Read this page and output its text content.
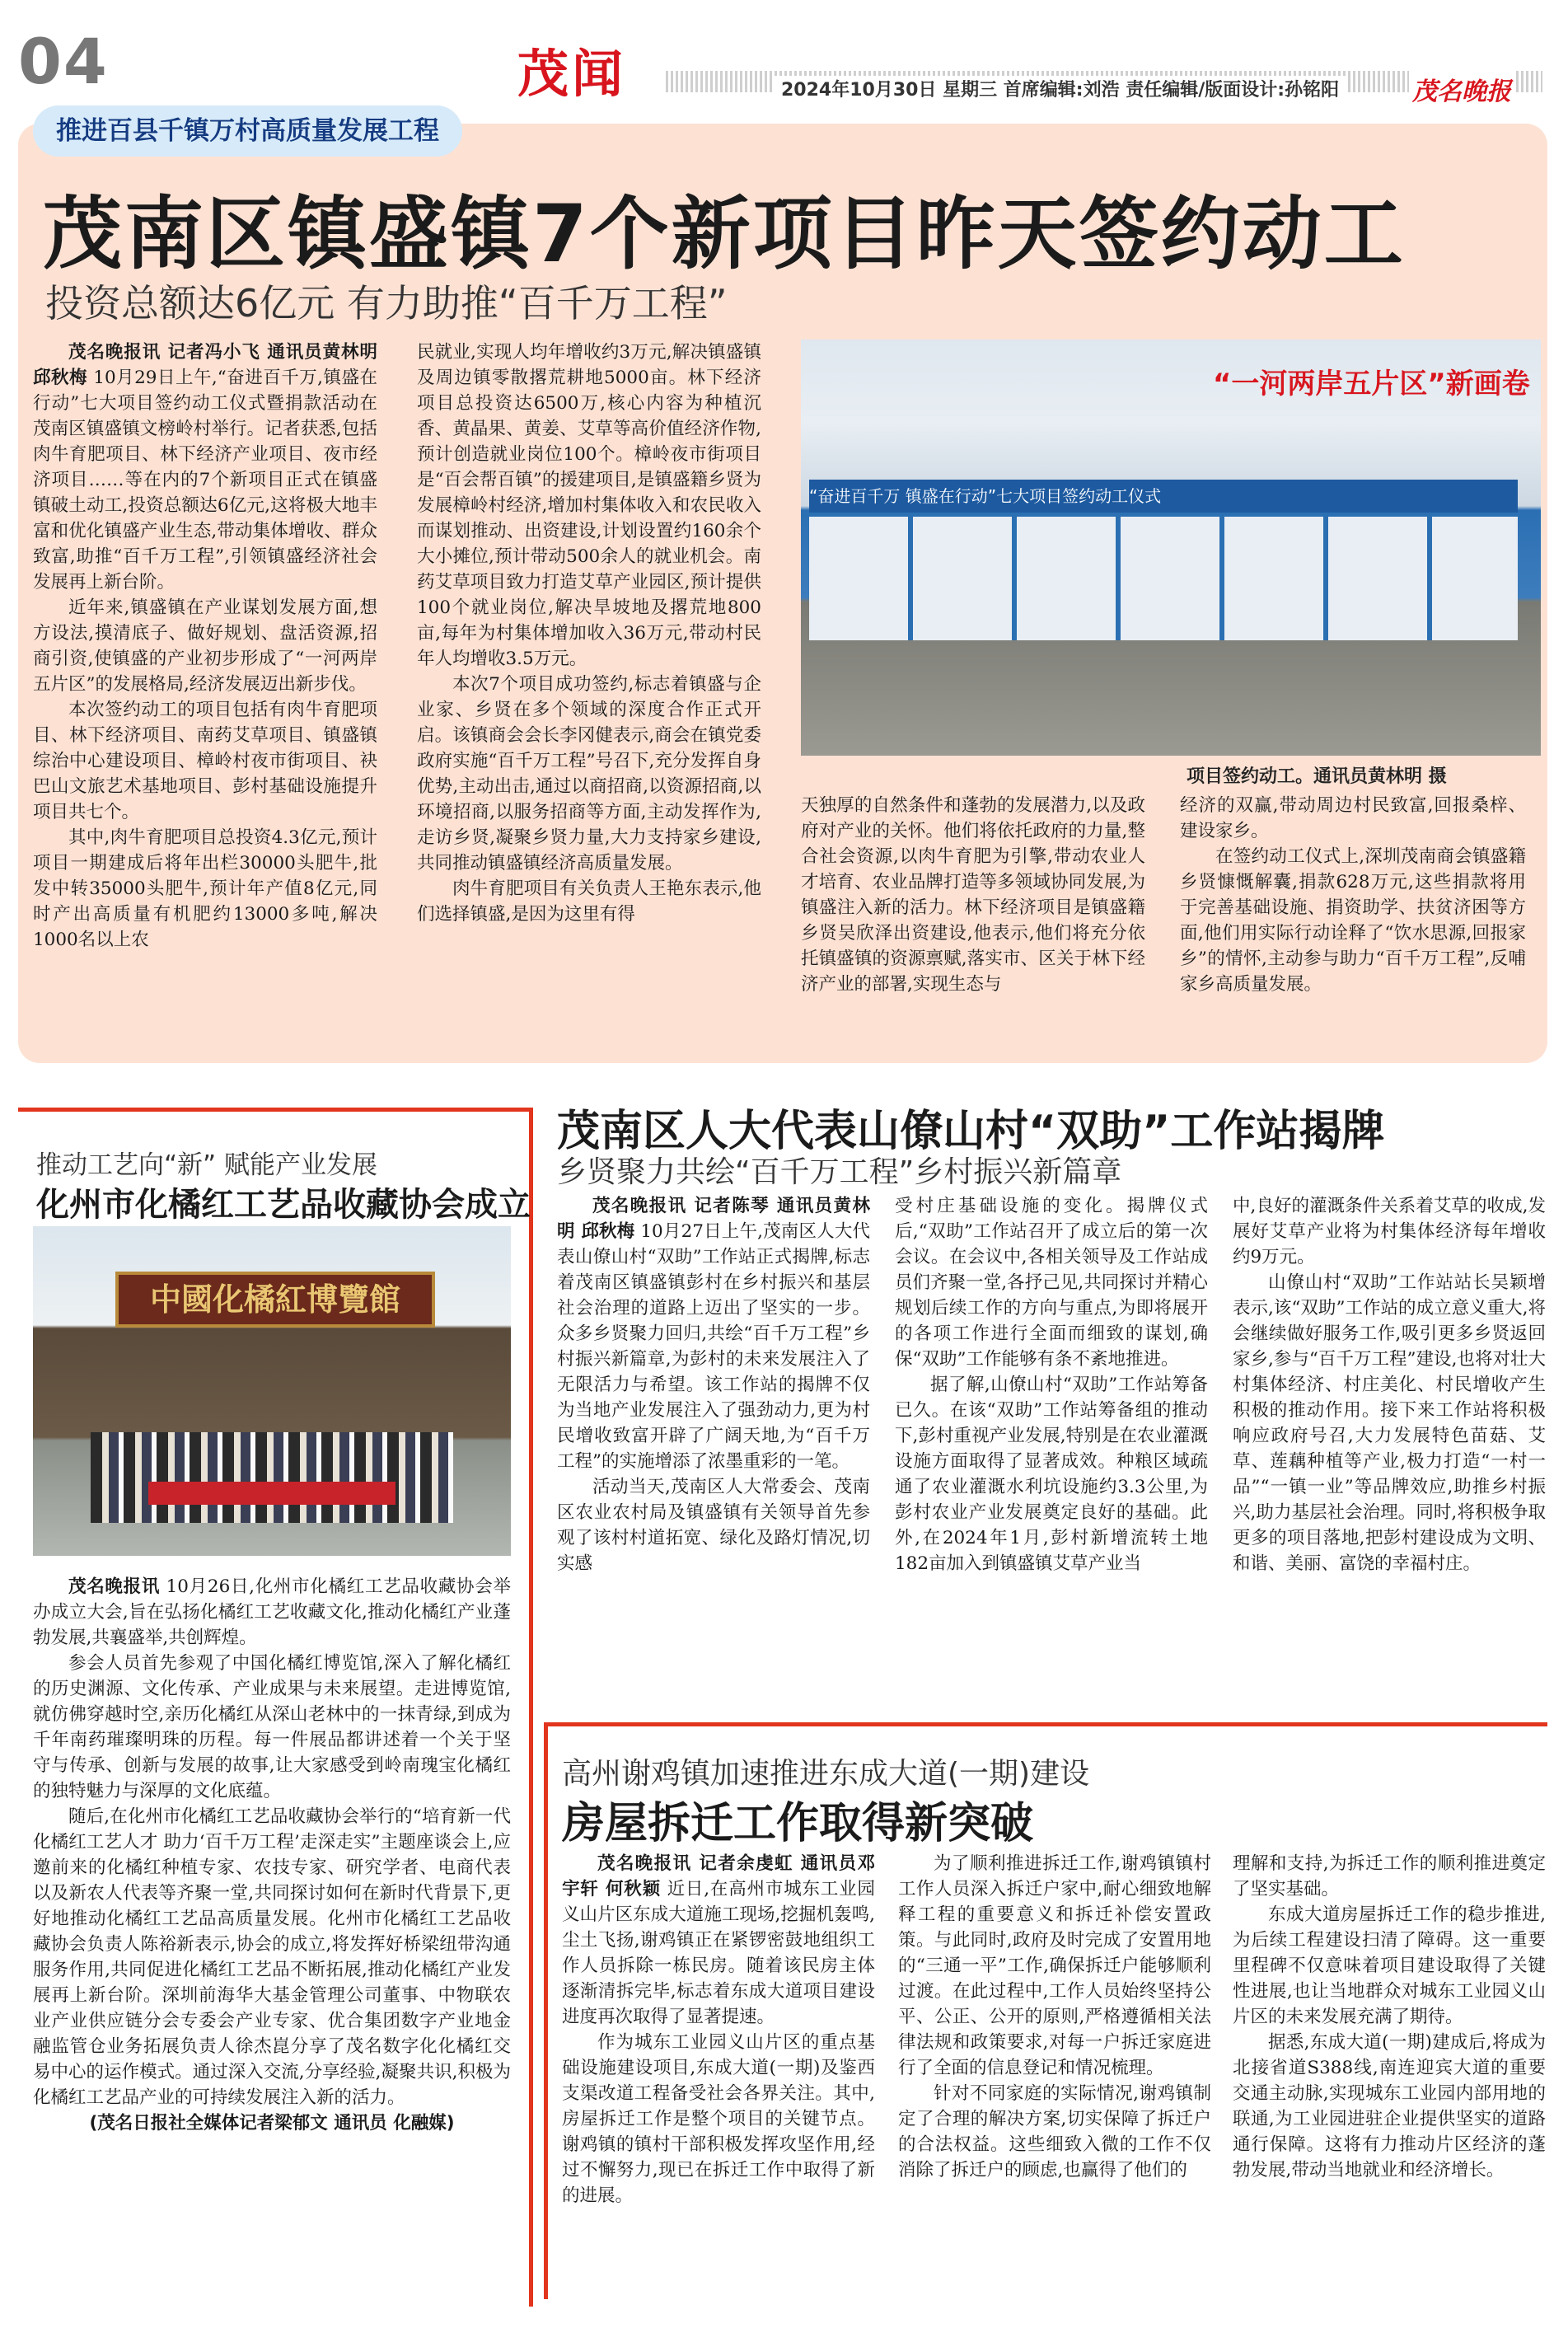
04	茂闻	2024年10月30日 星期三 首席编辑:刘浩 责任编辑/版面设计:孙铭阳	茂名晚报
推进百县千镇万村高质量发展工程
茂南区镇盛镇7个新项目昨天签约动工
投资总额达6亿元 有力助推“百千万工程”

茂名晚报讯 记者冯小飞 通讯员黄林明 邱秋梅 10月29日上午,“奋进百千万,镇盛在行动”七大项目签约动工仪式暨捐款活动在茂南区镇盛镇文榜岭村举行。记者获悉,包括肉牛育肥项目、林下经济产业项目、夜市经济项目……等在内的7个新项目正式在镇盛镇破土动工,投资总额达6亿元,这将极大地丰富和优化镇盛产业生态,带动集体增收、群众致富,助推“百千万工程”,引领镇盛经济社会发展再上新台阶。

近年来,镇盛镇在产业谋划发展方面,想方设法,摸清底子、做好规划、盘活资源,招商引资,使镇盛的产业初步形成了“一河两岸五片区”的发展格局,经济发展迈出新步伐。

本次签约动工的项目包括有肉牛育肥项目、林下经济项目、南药艾草项目、镇盛镇综治中心建设项目、樟岭村夜市街项目、袂巴山文旅艺术基地项目、彭村基础设施提升项目共七个。

其中,肉牛育肥项目总投资4.3亿元,预计项目一期建成后将年出栏30000头肥牛,批发中转35000头肥牛,预计年产值8亿元,同时产出高质量有机肥约13000多吨,解决1000名以上农

民就业,实现人均年增收约3万元,解决镇盛镇及周边镇零散撂荒耕地5000亩。林下经济项目总投资达6500万,核心内容为种植沉香、黄晶果、黄姜、艾草等高价值经济作物,预计创造就业岗位100个。樟岭夜市街项目是“百会帮百镇”的援建项目,是镇盛籍乡贤为发展樟岭村经济,增加村集体收入和农民收入而谋划推动、出资建设,计划设置约160余个大小摊位,预计带动500余人的就业机会。南药艾草项目致力打造艾草产业园区,预计提供100个就业岗位,解决旱坡地及撂荒地800亩,每年为村集体增加收入36万元,带动村民年人均增收3.5万元。

本次7个项目成功签约,标志着镇盛与企业家、乡贤在多个领域的深度合作正式开启。该镇商会会长李冈健表示,商会在镇党委政府实施“百千万工程”号召下,充分发挥自身优势,主动出击,通过以商招商,以资源招商,以环境招商,以服务招商等方面,主动发挥作为,走访乡贤,凝聚乡贤力量,大力支持家乡建设,共同推动镇盛镇经济高质量发展。

肉牛育肥项目有关负责人王艳东表示,他们选择镇盛,是因为这里有得

“一河两岸五片区”新画卷
“奋进百千万 镇盛在行动”七大项目签约动工仪式
项目签约动工。通讯员黄林明 摄

天独厚的自然条件和蓬勃的发展潜力,以及政府对产业的关怀。他们将依托政府的力量,整合社会资源,以肉牛育肥为引擎,带动农业人才培育、农业品牌打造等多领域协同发展,为镇盛注入新的活力。林下经济项目是镇盛籍乡贤吴欣泽出资建设,他表示,他们将充分依托镇盛镇的资源禀赋,落实市、区关于林下经济产业的部署,实现生态与

经济的双赢,带动周边村民致富,回报桑梓、建设家乡。

在签约动工仪式上,深圳茂南商会镇盛籍乡贤慷慨解囊,捐款628万元,这些捐款将用于完善基础设施、捐资助学、扶贫济困等方面,他们用实际行动诠释了“饮水思源,回报家乡”的情怀,主动参与助力“百千万工程”,反哺家乡高质量发展。

推动工艺向“新” 赋能产业发展
化州市化橘红工艺品收藏协会成立
中國化橘紅博覽館

茂名晚报讯 10月26日,化州市化橘红工艺品收藏协会举办成立大会,旨在弘扬化橘红工艺收藏文化,推动化橘红产业蓬勃发展,共襄盛举,共创辉煌。

参会人员首先参观了中国化橘红博览馆,深入了解化橘红的历史渊源、文化传承、产业成果与未来展望。走进博览馆,就仿佛穿越时空,亲历化橘红从深山老林中的一抹青绿,到成为千年南药璀璨明珠的历程。每一件展品都讲述着一个关于坚守与传承、创新与发展的故事,让大家感受到岭南瑰宝化橘红的独特魅力与深厚的文化底蕴。

随后,在化州市化橘红工艺品收藏协会举行的“培育新一代化橘红工艺人才 助力‘百千万工程’走深走实”主题座谈会上,应邀前来的化橘红种植专家、农技专家、研究学者、电商代表以及新农人代表等齐聚一堂,共同探讨如何在新时代背景下,更好地推动化橘红工艺品高质量发展。化州市化橘红工艺品收藏协会负责人陈裕新表示,协会的成立,将发挥好桥梁纽带沟通服务作用,共同促进化橘红工艺品不断拓展,推动化橘红产业发展再上新台阶。深圳前海华大基金管理公司董事、中物联农业产业供应链分会专委会产业专家、优合集团数字产业地金融监管仓业务拓展负责人徐杰崑分享了茂名数字化化橘红交易中心的运作模式。通过深入交流,分享经验,凝聚共识,积极为化橘红工艺品产业的可持续发展注入新的活力。

(茂名日报社全媒体记者梁郁文 通讯员 化融媒)

茂南区人大代表山僚山村“双助”工作站揭牌
乡贤聚力共绘“百千万工程”乡村振兴新篇章

茂名晚报讯 记者陈琴 通讯员黄林明 邱秋梅 10月27日上午,茂南区人大代表山僚山村“双助”工作站正式揭牌,标志着茂南区镇盛镇彭村在乡村振兴和基层社会治理的道路上迈出了坚实的一步。众多乡贤聚力回归,共绘“百千万工程”乡村振兴新篇章,为彭村的未来发展注入了无限活力与希望。该工作站的揭牌不仅为当地产业发展注入了强劲动力,更为村民增收致富开辟了广阔天地,为“百千万工程”的实施增添了浓墨重彩的一笔。

活动当天,茂南区人大常委会、茂南区农业农村局及镇盛镇有关领导首先参观了该村村道拓宽、绿化及路灯情况,切实感

受村庄基础设施的变化。揭牌仪式后,“双助”工作站召开了成立后的第一次会议。在会议中,各相关领导及工作站成员们齐聚一堂,各抒己见,共同探讨并精心规划后续工作的方向与重点,为即将展开的各项工作进行全面而细致的谋划,确保“双助”工作能够有条不紊地推进。

据了解,山僚山村“双助”工作站筹备已久。在该“双助”工作站筹备组的推动下,彭村重视产业发展,特别是在农业灌溉设施方面取得了显著成效。种粮区域疏通了农业灌溉水利坑设施约3.3公里,为彭村农业产业发展奠定良好的基础。此外,在2024年1月,彭村新增流转土地182亩加入到镇盛镇艾草产业当

中,良好的灌溉条件关系着艾草的收成,发展好艾草产业将为村集体经济每年增收约9万元。

山僚山村“双助”工作站站长吴颖增表示,该“双助”工作站的成立意义重大,将会继续做好服务工作,吸引更多乡贤返回家乡,参与“百千万工程”建设,也将对壮大村集体经济、村庄美化、村民增收产生积极的推动作用。接下来工作站将积极响应政府号召,大力发展特色苗菇、艾草、莲藕种植等产业,极力打造“一村一品”“一镇一业”等品牌效应,助推乡村振兴,助力基层社会治理。同时,将积极争取更多的项目落地,把彭村建设成为文明、和谐、美丽、富饶的幸福村庄。

高州谢鸡镇加速推进东成大道(一期)建设
房屋拆迁工作取得新突破

茂名晚报讯 记者余虔虹 通讯员邓宇轩 何秋颖 近日,在高州市城东工业园义山片区东成大道施工现场,挖掘机轰鸣,尘土飞扬,谢鸡镇正在紧锣密鼓地组织工作人员拆除一栋民房。随着该民房主体逐渐清拆完毕,标志着东成大道项目建设进度再次取得了显著提速。

作为城东工业园义山片区的重点基础设施建设项目,东成大道(一期)及鉴西支渠改道工程备受社会各界关注。其中,房屋拆迁工作是整个项目的关键节点。谢鸡镇的镇村干部积极发挥攻坚作用,经过不懈努力,现已在拆迁工作中取得了新的进展。

为了顺利推进拆迁工作,谢鸡镇镇村工作人员深入拆迁户家中,耐心细致地解释工程的重要意义和拆迁补偿安置政策。与此同时,政府及时完成了安置用地的“三通一平”工作,确保拆迁户能够顺利过渡。在此过程中,工作人员始终坚持公平、公正、公开的原则,严格遵循相关法律法规和政策要求,对每一户拆迁家庭进行了全面的信息登记和情况梳理。

针对不同家庭的实际情况,谢鸡镇制定了合理的解决方案,切实保障了拆迁户的合法权益。这些细致入微的工作不仅消除了拆迁户的顾虑,也赢得了他们的

理解和支持,为拆迁工作的顺利推进奠定了坚实基础。

东成大道房屋拆迁工作的稳步推进,为后续工程建设扫清了障碍。这一重要里程碑不仅意味着项目建设取得了关键性进展,也让当地群众对城东工业园义山片区的未来发展充满了期待。

据悉,东成大道(一期)建成后,将成为北接省道S388线,南连迎宾大道的重要交通主动脉,实现城东工业园内部用地的联通,为工业园进驻企业提供坚实的道路通行保障。这将有力推动片区经济的蓬勃发展,带动当地就业和经济增长。
